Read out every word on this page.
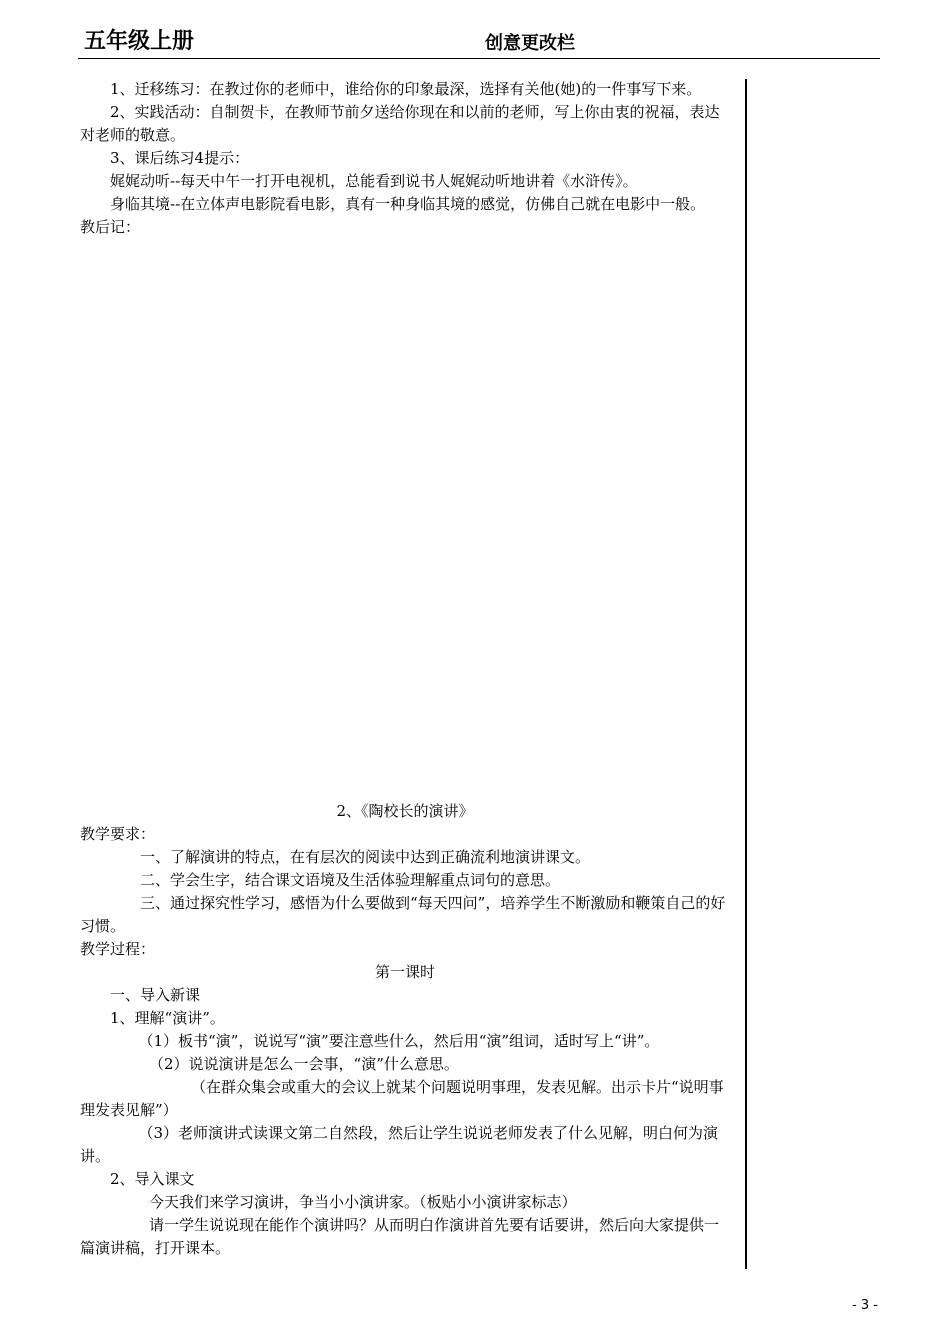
五年级上册	创意更改栏

1、迁移练习：在教过你的老师中，谁给你的印象最深，选择有关他(她)的一件事写下来。

2、实践活动：自制贺卡，在教师节前夕送给你现在和以前的老师，写上你由衷的祝福，表达对老师的敬意。

3、课后练习4提示：

娓娓动听--每天中午一打开电视机，总能看到说书人娓娓动听地讲着《水浒传》。

身临其境--在立体声电影院看电影，真有一种身临其境的感觉，仿佛自己就在电影中一般。

教后记：

2、《陶校长的演讲》

教学要求：

一、了解演讲的特点，在有层次的阅读中达到正确流利地演讲课文。

二、学会生字，结合课文语境及生活体验理解重点词句的意思。

三、通过探究性学习，感悟为什么要做到“每天四问”，培养学生不断激励和鞭策自己的好习惯。

教学过程：

第一课时

一、导入新课

1、理解“演讲”。

（1）板书“演”，说说写“演”要注意些什么，然后用“演”组词，适时写上“讲”。

（2）说说演讲是怎么一会事，“演”什么意思。

（在群众集会或重大的会议上就某个问题说明事理，发表见解。出示卡片“说明事理发表见解”）

（3）老师演讲式读课文第二自然段，然后让学生说说老师发表了什么见解，明白何为演讲。

2、导入课文

今天我们来学习演讲，争当小小演讲家。（板贴小小演讲家标志）

请一学生说说现在能作个演讲吗？从而明白作演讲首先要有话要讲，然后向大家提供一篇演讲稿，打开课本。

- 3 -
